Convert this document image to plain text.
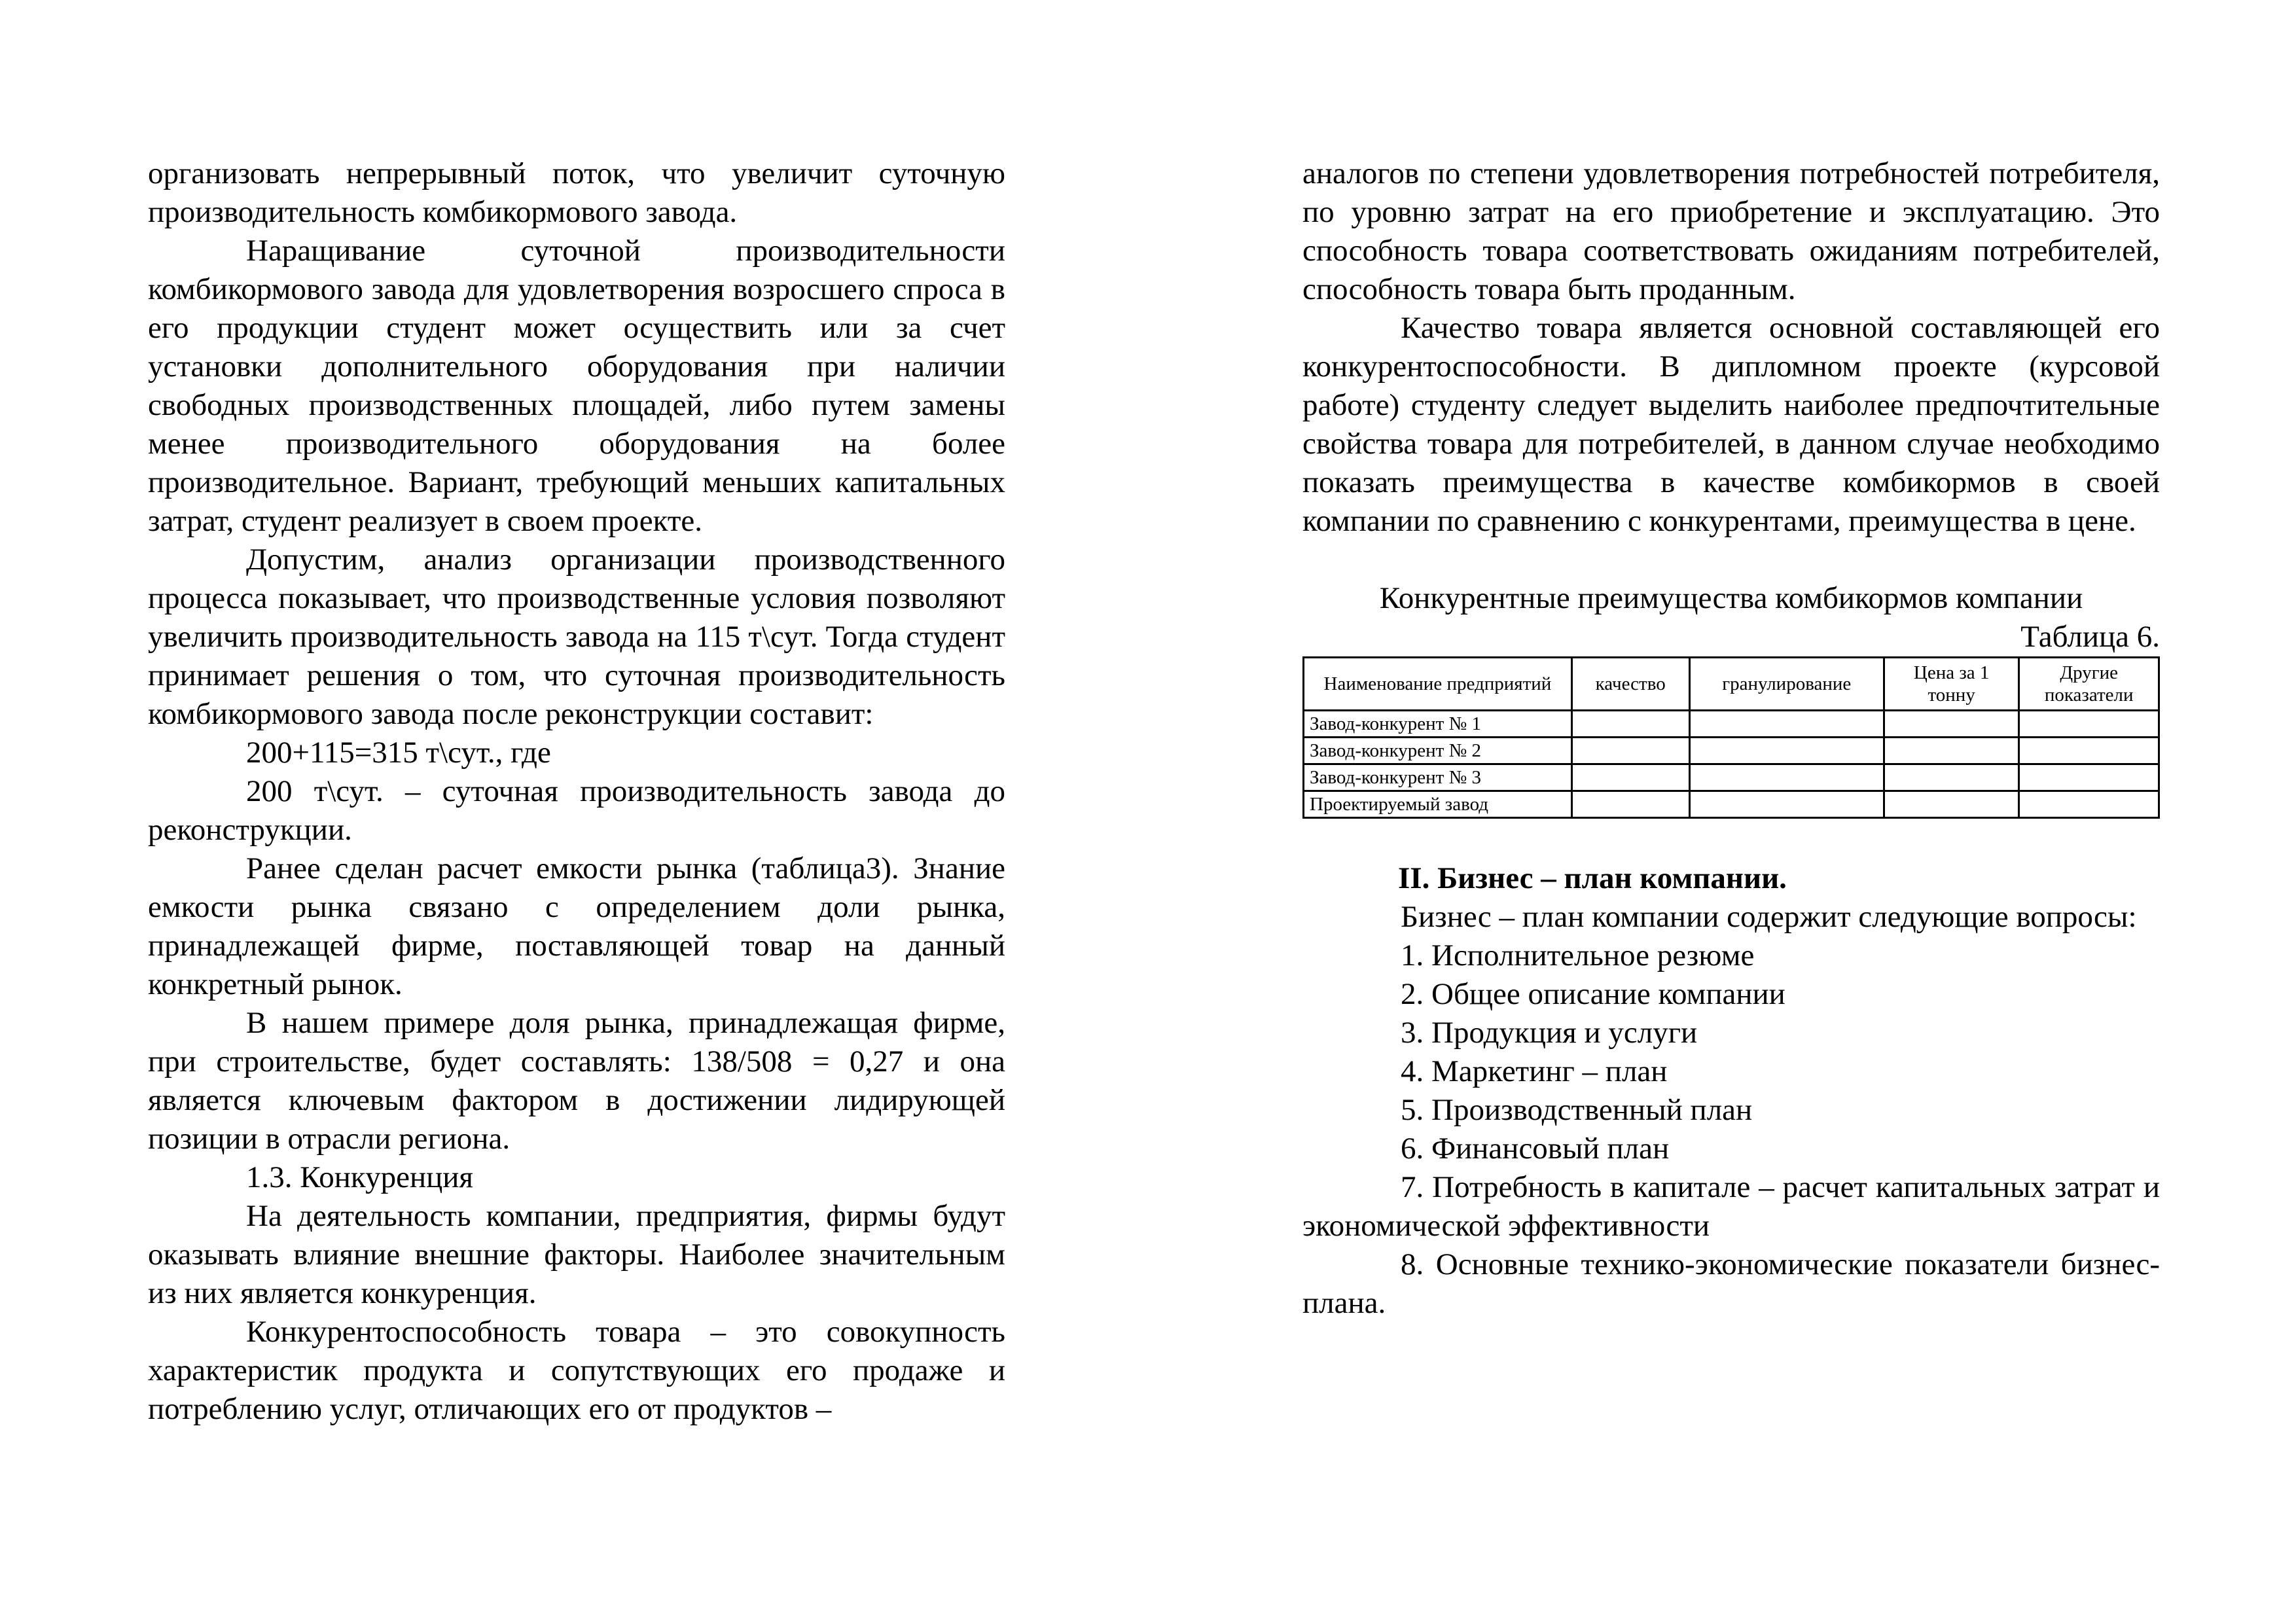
организовать непрерывный поток, что увеличит суточную производительность комбикормового завода.

Наращивание суточной производительности комбикормового завода для удовлетворения возросшего спроса в его продукции студент может осуществить или за счет установки дополнительного оборудования при наличии свободных производственных площадей, либо путем замены менее производительного оборудования на более производительное. Вариант, требующий меньших капитальных затрат, студент реализует в своем проекте.

Допустим, анализ организации производственного процесса показывает, что производственные условия позволяют увеличить производительность завода на 115 т\сут. Тогда студент принимает решения о том, что суточная производительность комбикормового завода после реконструкции составит:

200+115=315 т\сут., где

200 т\сут. – суточная производительность завода до реконструкции.

Ранее сделан расчет емкости рынка (таблица3). Знание емкости рынка связано с определением доли рынка, принадлежащей фирме, поставляющей товар на данный конкретный рынок.

В нашем примере доля рынка, принадлежащая фирме, при строительстве, будет составлять: 138/508 = 0,27 и она является ключевым фактором в достижении лидирующей позиции в отрасли региона.

1.3. Конкуренция

На деятельность компании, предприятия, фирмы будут оказывать влияние внешние факторы. Наиболее значительным из них является конкуренция.

Конкурентоспособность товара – это совокупность характеристик продукта и сопутствующих его продаже и потреблению услуг, отличающих его от продуктов –

аналогов по степени удовлетворения потребностей потребителя, по уровню затрат на его приобретение и эксплуатацию. Это способность товара соответствовать ожиданиям потребителей, способность товара быть проданным.

Качество товара является основной составляющей его конкурентоспособности. В дипломном проекте (курсовой работе) студенту следует выделить наиболее предпочтительные свойства товара для потребителей, в данном случае необходимо показать преимущества в качестве комбикормов в своей компании по сравнению с конкурентами, преимущества в цене.

Конкурентные преимущества комбикормов компании
Таблица 6.
Наименование предприятий	качество	гранулирование	Цена за 1 тонну	Другие показатели
Завод-конкурент № 1				
Завод-конкурент № 2				
Завод-конкурент № 3				
Проектируемый завод				
II. Бизнес – план компании.

Бизнес – план компании содержит следующие вопросы:

1. Исполнительное резюме

2. Общее описание компании

3. Продукция и услуги

4. Маркетинг – план

5. Производственный план

6. Финансовый план

7. Потребность в капитале – расчет капитальных затрат и экономической эффективности

8. Основные технико-экономические показатели бизнес-плана.
